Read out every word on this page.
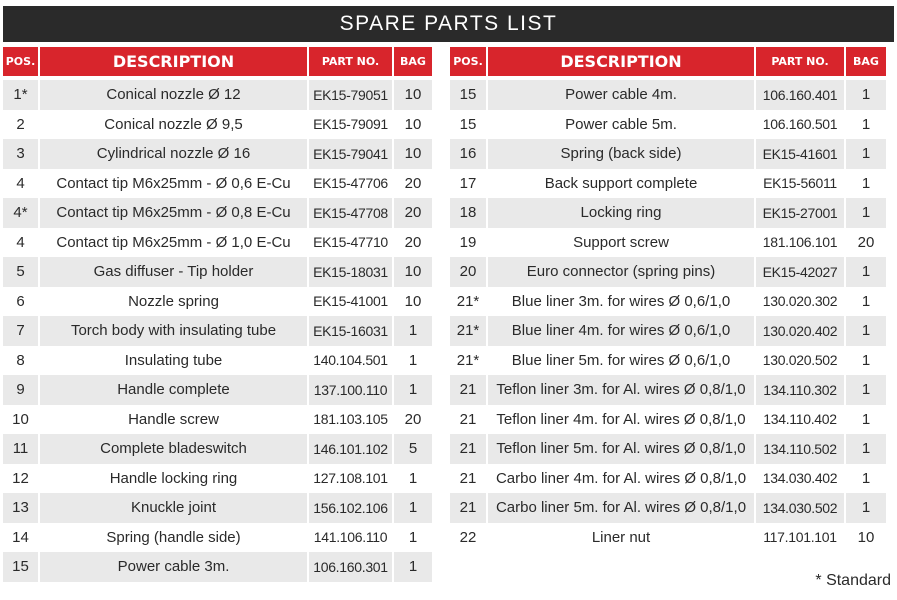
SPARE PARTS LIST
POS.	DESCRIPTION	PART NO.	BAG
1*	Conical nozzle Ø 12	EK15-79051	10
2	Conical nozzle Ø 9,5	EK15-79091	10
3	Cylindrical nozzle Ø 16	EK15-79041	10
4	Contact tip M6x25mm - Ø 0,6 E-Cu	EK15-47706	20
4*	Contact tip M6x25mm - Ø 0,8 E-Cu	EK15-47708	20
4	Contact tip M6x25mm - Ø 1,0 E-Cu	EK15-47710	20
5	Gas diffuser - Tip holder	EK15-18031	10
6	Nozzle spring	EK15-41001	10
7	Torch body with insulating tube	EK15-16031	1
8	Insulating tube	140.104.501	1
9	Handle complete	137.100.110	1
10	Handle screw	181.103.105	20
11	Complete bladeswitch	146.101.102	5
12	Handle locking ring	127.108.101	1
13	Knuckle joint	156.102.106	1
14	Spring (handle side)	141.106.110	1
15	Power cable 3m.	106.160.301	1
POS.	DESCRIPTION	PART NO.	BAG
15	Power cable 4m.	106.160.401	1
15	Power cable 5m.	106.160.501	1
16	Spring (back side)	EK15-41601	1
17	Back support complete	EK15-56011	1
18	Locking ring	EK15-27001	1
19	Support screw	181.106.101	20
20	Euro connector (spring pins)	EK15-42027	1
21*	Blue liner 3m. for wires Ø 0,6/1,0	130.020.302	1
21*	Blue liner 4m. for wires Ø 0,6/1,0	130.020.402	1
21*	Blue liner 5m. for wires Ø 0,6/1,0	130.020.502	1
21	Teflon liner 3m. for Al. wires Ø 0,8/1,0	134.110.302	1
21	Teflon liner 4m. for Al. wires Ø 0,8/1,0	134.110.402	1
21	Teflon liner 5m. for Al. wires Ø 0,8/1,0	134.110.502	1
21	Carbo liner 4m. for Al. wires Ø 0,8/1,0	134.030.402	1
21	Carbo liner 5m. for Al. wires Ø 0,8/1,0	134.030.502	1
22	Liner nut	117.101.101	10
* Standard
